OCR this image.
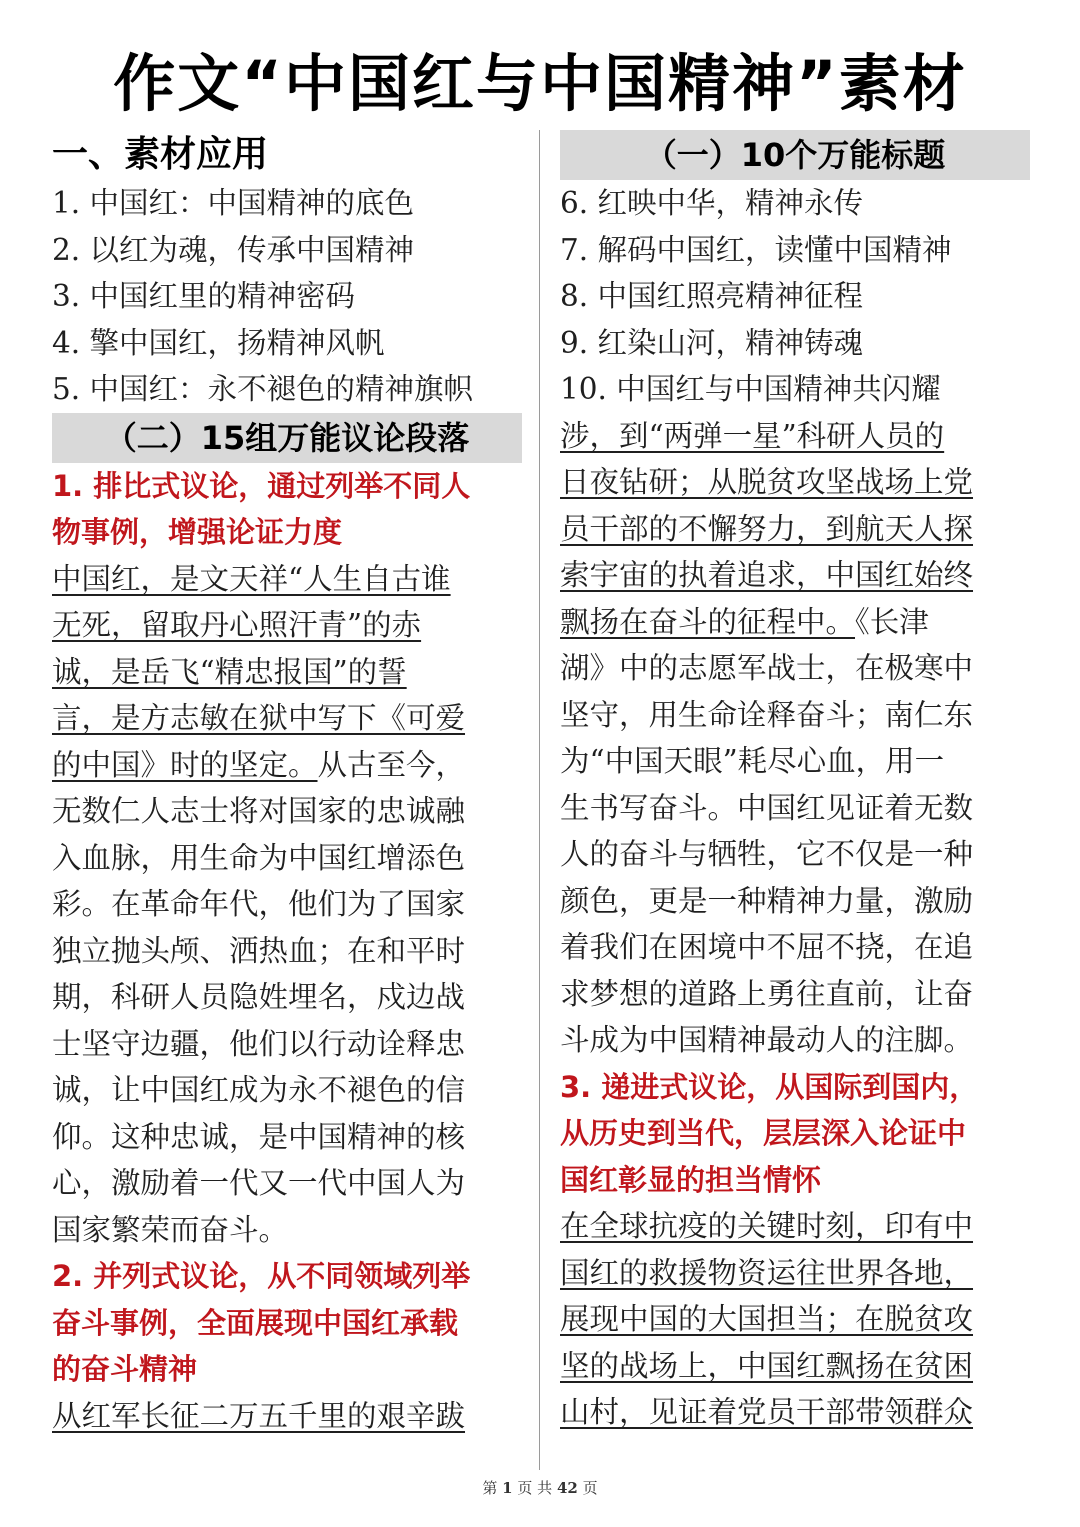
作文“中国红与中国精神”素材
一、素材应用
1. 中国红：中国精神的底色
2. 以红为魂，传承中国精神
3. 中国红里的精神密码
4. 擎中国红，扬精神风帆
5. 中国红：永不褪色的精神旗帜
（二）15组万能议论段落
1. 排比式议论，通过列举不同人
物事例，增强论证力度
中国红，是文天祥“人生自古谁
无死，留取丹心照汗青”的赤
诚，是岳飞“精忠报国”的誓
言，是方志敏在狱中写下《可爱
的中国》时的坚定。从古至今，
无数仁人志士将对国家的忠诚融
入血脉，用生命为中国红增添色
彩。在革命年代，他们为了国家
独立抛头颅、洒热血；在和平时
期，科研人员隐姓埋名，戍边战
士坚守边疆，他们以行动诠释忠
诚，让中国红成为永不褪色的信
仰。这种忠诚，是中国精神的核
心，激励着一代又一代中国人为
国家繁荣而奋斗。
2. 并列式议论，从不同领域列举
奋斗事例，全面展现中国红承载
的奋斗精神
从红军长征二万五千里的艰辛跋
（一）10个万能标题
6. 红映中华，精神永传
7. 解码中国红，读懂中国精神
8. 中国红照亮精神征程
9. 红染山河，精神铸魂
10. 中国红与中国精神共闪耀
涉，到“两弹一星”科研人员的
日夜钻研；从脱贫攻坚战场上党
员干部的不懈努力，到航天人探
索宇宙的执着追求，中国红始终
飘扬在奋斗的征程中。《长津
湖》中的志愿军战士，在极寒中
坚守，用生命诠释奋斗；南仁东
为“中国天眼”耗尽心血，用一
生书写奋斗。中国红见证着无数
人的奋斗与牺牲，它不仅是一种
颜色，更是一种精神力量，激励
着我们在困境中不屈不挠，在追
求梦想的道路上勇往直前，让奋
斗成为中国精神最动人的注脚。
3. 递进式议论，从国际到国内，
从历史到当代，层层深入论证中
国红彰显的担当情怀
在全球抗疫的关键时刻，印有中
国红的救援物资运往世界各地，
展现中国的大国担当；在脱贫攻
坚的战场上，中国红飘扬在贫困
山村，见证着党员干部带领群众
第 1 页 共 42 页
